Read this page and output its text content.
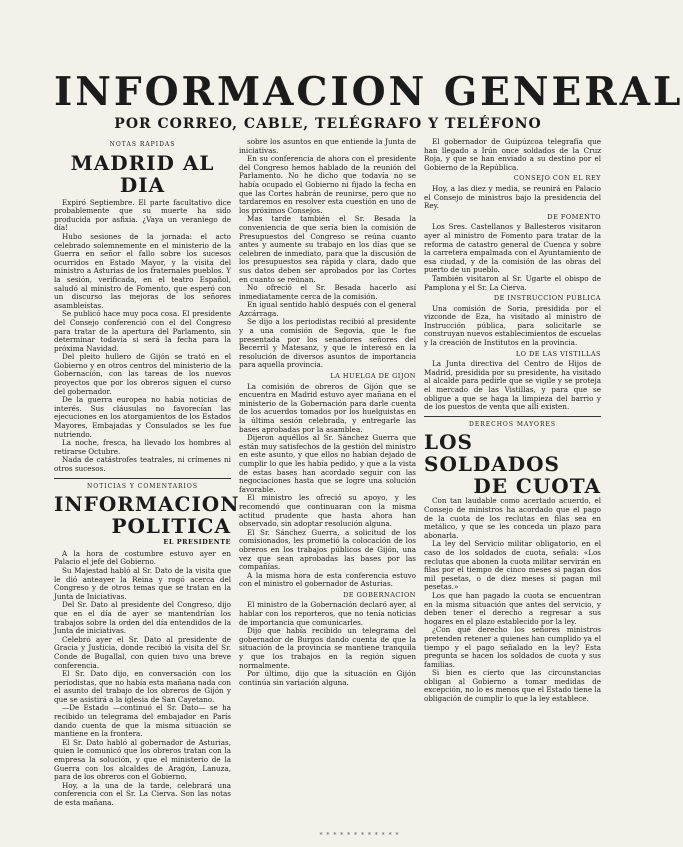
INFORMACION GENERAL
POR CORREO, CABLE, TELÉGRAFO Y TELÉFONO
NOTAS RAPIDAS
MADRID AL DIA

Expiró Septiembre. El parte facultativo dice probablemente que su muerte ha sido producida por asfixia. ¿Vaya un veraniego de día!

Hubo sesiones de la jornada: el acto celebrado solemnemente en el ministerio de la Guerra en señor el fallo sobre los sucesos ocurridos en Estado Mayor, y la visita del ministro a Asturias de los fraternales pueblos. Y la sesión, verificada, en el teatro Español, saludó al ministro de Fomento, que esperó con un discurso las mejoras de los señores asambleístas.

Se publicó hace muy poca cosa. El presidente del Consejo conferenció con el del Congreso para tratar de la apertura del Parlamento, sin determinar todavía si será la fecha para la próxima Navidad.

Del pleito hullero de Gijón se trató en el Gobierno y en otros centros del ministerio de la Gobernación, con las tareas de los nuevos proyectos que por los obreros siguen el curso del gobernador.

De la guerra europea no había noticias de interés. Sus cláusulas no favorecían las ejecuciones en los atorgamientos de los Estados Mayores, Embajadas y Consulados se les fue nutriendo.

La noche, fresca, ha llevado los hombres al retirarse Octubre.

Nada de catástrofes teatrales, ni crímenes ni otros sucesos.

NOTICIAS Y COMENTARIOS
INFORMACION
POLITICA
EL PRESIDENTE

A la hora de costumbre estuvo ayer en Palacio el jefe del Gobierno.

Su Majestad habló al Sr. Dato de la visita que le dió anteayer la Reina y rogó acerca del Congreso y de otros temas que se tratan en la Junta de Iniciativas.

Del Sr. Dato al presidente del Congreso, dijo que en el día de ayer se mantendrían los trabajos sobre la orden del día entendidos de la Junta de iniciativas.

Celebró ayer el Sr. Dato al presidente de Gracia y Justicia, donde recibió la visita del Sr. Conde de Bugallal, con quien tuvo una breve conferencia.

El Sr. Dato dijo, en conversación con los periodistas, que no había esta mañana nada con el asunto del trabajo de los obreros de Gijón y que se asistirá a la iglesia de San Cayetano.

—De Estado —continuó el Sr. Dato— se ha recibido un telegrama del embajador en París dando cuenta de que la misma situación se mantiene en la frontera.

El Sr. Dato habló al gobernador de Asturias, quien le comunicó que los obreros tratan con la empresa la solución, y que el ministerio de la Guerra con los alcaldes de Aragón, Lanuza, para de los obreros con el Gobierno.

Hoy, a la una de la tarde, celebrará una conferencia con el Sr. La Cierva. Son las notas de esta mañana.

sobre los asuntos en que entiende la Junta de iniciativas.

En su conferencia de ahora con el presidente del Congreso hemos hablado de la reunión del Parlamento. No he dicho que todavía no se había ocupado el Gobierno ni fijado la fecha en que las Cortes habrán de reunirse, pero que no tardaremos en resolver esta cuestión en uno de los próximos Consejos.

Mas tarde también el Sr. Besada la conveniencia de que sería bien la comisión de Presupuestos del Congreso se reúna cuanto antes y aumente su trabajo en los días que se celebren de inmediato, para que la discusión de los presupuestos sea rápida y clara, dado que sus datos deben ser aprobados por las Cortes en cuanto se reúnan.

No ofreció el Sr. Besada hacerlo así inmediatamente cerca de la comisión.

En igual sentido habló después con el general Azcárraga.

Se dijo a los periodistas recibió al presidente y a una comisión de Segovia, que le fue presentada por los senadores señores del Becerril y Matesanz, y que le interesó en la resolución de diversos asuntos de importancia para aquella provincia.

LA HUELGA DE GIJON

La comisión de obreros de Gijón que se encuentra en Madrid estuvo ayer mañana en el ministerio de la Gobernación para darle cuenta de los acuerdos tomados por los huelguistas en la última sesión celebrada, y entregarle las bases aprobadas por la asamblea.

Dijeron aquéllos al Sr. Sánchez Guerra que están muy satisfechos de la gestión del ministro en este asunto, y que ellos no habían dejado de cumplir lo que les había pedido, y que a la vista de estas bases han acordado seguir con las negociaciones hasta que se logre una solución favorable.

El ministro les ofreció su apoyo, y les recomendó que continuaran con la misma actitud prudente que hasta ahora han observado, sin adoptar resolución alguna.

El Sr. Sánchez Guerra, a solicitud de los comisionados, les prometió la colocación de los obreros en los trabajos públicos de Gijón, una vez que sean aprobadas las bases por las compañías.

A la misma hora de esta conferencia estuvo con el ministro el gobernador de Asturias.

DE GOBERNACION

El ministro de la Gobernación declaró ayer, al hablar con los reporteros, que no tenía noticias de importancia que comunicarles.

Dijo que había recibido un telegrama del gobernador de Burgos dando cuenta de que la situación de la provincia se mantiene tranquila y que los trabajos en la región siguen normalmente.

Por último, dijo que la situación en Gijón continúa sin variación alguna.

El gobernador de Guipúzcoa telegrafía que han llegado a Irún once soldados de la Cruz Roja, y que se han enviado a su destino por el Gobierno de la República.

CONSEJO CON EL REY

Hoy, a las diez y media, se reunirá en Palacio el Consejo de ministros bajo la presidencia del Rey.

DE FOMENTO

Los Sres. Castellanos y Ballesteros visitaron ayer al ministro de Fomento para tratar de la reforma de catastro general de Cuenca y sobre la carretera empalmada con el Ayuntamiento de esa ciudad, y de la comisión de las obras del puerto de un pueblo.

También visitaron al Sr. Ugarte el obispo de Pamplona y el Sr. La Cierva.

DE INSTRUCCION PUBLICA

Una comisión de Soria, presidida por el vizconde de Eza, ha visitado al ministro de Instrucción pública, para solicitarle se construyan nuevos establecimientos de escuelas y la creación de Institutos en la provincia.

LO DE LAS VISTILLAS

La Junta directiva del Centro de Hijos de Madrid, presidida por su presidente, ha visitado al alcalde para pedirle que se vigile y se proteja el mercado de las Vistillas, y para que se obligue a que se haga la limpieza del barrio y de los puestos de venta que allí existen.

DERECHOS MAYORES
LOS SOLDADOS
DE CUOTA

Con tan laudable como acertado acuerdo, el Consejo de ministros ha acordado que el pago de la cuota de los reclutas en filas sea en metálico, y que se les conceda un plazo para abonarla.

La ley del Servicio militar obligatorio, en el caso de los soldados de cuota, señala: «Los reclutas que abonen la cuota militar servirán en filas por el tiempo de cinco meses si pagan dos mil pesetas, o de diez meses si pagan mil pesetas.»

Los que han pagado la cuota se encuentran en la misma situación que antes del servicio, y deben tener el derecho a regresar a sus hogares en el plazo establecido por la ley.

¿Con qué derecho los señores ministros pretenden retener a quienes han cumplido ya el tiempo y el pago señalado en la ley? Esta pregunta se hacen los soldados de cuota y sus familias.

Si bien es cierto que las circunstancias obligan al Gobierno a tomar medidas de excepción, no lo es menos que el Estado tiene la obligación de cumplir lo que la ley establece.

* * * * * * * * * * * *
